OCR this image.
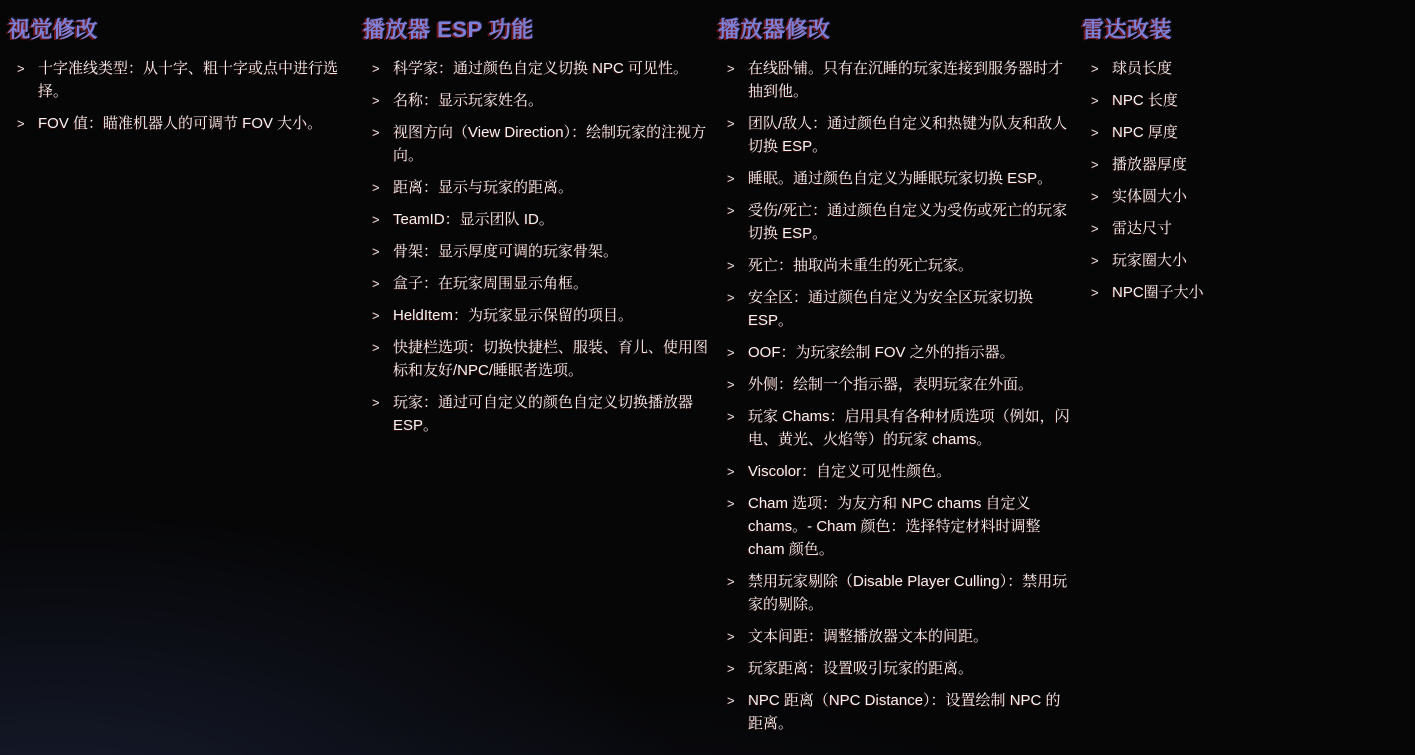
视觉修改
> 十字准线类型：从十字、粗十字或点中进行选择。
> FOV 值：瞄准机器人的可调节 FOV 大小。
播放器 ESP 功能
> 科学家：通过颜色自定义切换 NPC 可见性。
> 名称：显示玩家姓名。
> 视图方向（View Direction）：绘制玩家的注视方向。
> 距离：显示与玩家的距离。
> TeamID：显示团队 ID。
> 骨架：显示厚度可调的玩家骨架。
> 盒子：在玩家周围显示角框。
> HeldItem：为玩家显示保留的项目。
> 快捷栏选项：切换快捷栏、服装、育儿、使用图标和友好/NPC/睡眠者选项。
> 玩家：通过可自定义的颜色自定义切换播放器 ESP。
播放器修改
> 在线卧铺。只有在沉睡的玩家连接到服务器时才抽到他。
> 团队/敌人：通过颜色自定义和热键为队友和敌人切换 ESP。
> 睡眠。通过颜色自定义为睡眠玩家切换 ESP。
> 受伤/死亡：通过颜色自定义为受伤或死亡的玩家切换 ESP。
> 死亡：抽取尚未重生的死亡玩家。
> 安全区：通过颜色自定义为安全区玩家切换 ESP。
> OOF：为玩家绘制 FOV 之外的指示器。
> 外侧：绘制一个指示器，表明玩家在外面。
> 玩家 Chams：启用具有各种材质选项（例如，闪电、黄光、火焰等）的玩家 chams。
> Viscolor：自定义可见性颜色。
> Cham 选项：为友方和 NPC chams 自定义 chams。- Cham 颜色：选择特定材料时调整 cham 颜色。
> 禁用玩家剔除（Disable Player Culling）：禁用玩家的剔除。
> 文本间距：调整播放器文本的间距。
> 玩家距离：设置吸引玩家的距离。
> NPC 距离（NPC Distance）：设置绘制 NPC 的距离。
雷达改装
> 球员长度
> NPC 长度
> NPC 厚度
> 播放器厚度
> 实体圆大小
> 雷达尺寸
> 玩家圈大小
> NPC圈子大小
